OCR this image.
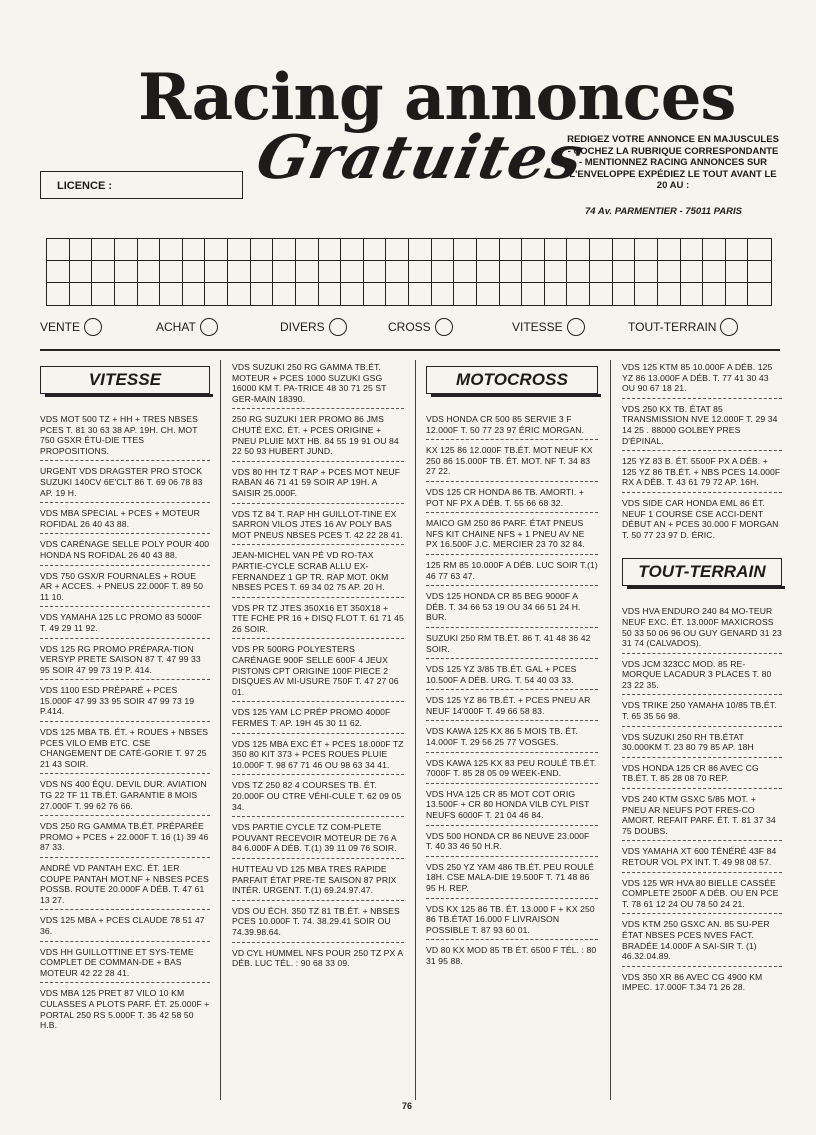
Racing annonces
Gratuites
REDIGEZ VOTRE ANNONCE EN MAJUSCULES - COCHEZ LA RUBRIQUE CORRESPONDANTE - MENTIONNEZ RACING ANNONCES SUR L'ENVELOPPE EXPÉDIEZ LE TOUT AVANT LE 20 AU :
74 Av. PARMENTIER - 75011 PARIS
LICENCE :
VENTE	ACHAT	DIVERS	CROSS	VITESSE	TOUT-TERRAIN
VITESSE
VDS MOT 500 TZ + HH + TRES NBSES PCES T. 81 30 63 38 AP. 19H. CH. MOT 750 GSXR ÉTU-DIE TTES PROPOSITIONS.
URGENT VDS DRAGSTER PRO STOCK SUZUKI 140CV 6E'CLT 86 T. 69 06 78 83 AP. 19 H.
VDS MBA SPECIAL + PCES + MOTEUR ROFIDAL 26 40 43 88.
VDS CARÉNAGE SELLE POLY POUR 400 HONDA NS ROFIDAL 26 40 43 88.
VDS 750 GSX/R FOURNALES + ROUE AR + ACCES. + PNEUS 22.000F T. 89 50 11 10.
VDS YAMAHA 125 LC PROMO 83 5000F T. 49 29 11 92.
VDS 125 RG PROMO PRÉPARA-TION VERSYP PRETE SAISON 87 T. 47 99 33 95 SOIR 47 99 73 19 P. 414.
VDS 1100 ESD PRÉPARÉ + PCES 15.000F 47 99 33 95 SOIR 47 99 73 19 P.414.
VDS 125 MBA TB. ÉT. + ROUES + NBSES PCES VILO EMB ETC. CSE CHANGEMENT DE CATÉ-GORIE T. 97 25 21 43 SOIR.
VDS NS 400 ÉQU. DEVIL DUR. AVIATION TG 22 TF 11 TB.ÉT. GARANTIE 8 MOIS 27.000F T. 99 62 76 66.
VDS 250 RG GAMMA TB.ÉT. PRÉPARÉE PROMO + PCES + 22.000F T. 16 (1) 39 46 87 33.
ANDRÉ VD PANTAH EXC. ÉT. 1ER COUPE PANTAH MOT.NF + NBSES PCES POSSB. ROUTE 20.000F A DÉB. T. 47 61 13 27.
VDS 125 MBA + PCES CLAUDE 78 51 47 36.
VDS HH GUILLOTTINE ET SYS-TEME COMPLET DE COMMAN-DE + BAS MOTEUR 42 22 28 41.
VDS MBA 125 PRET 87 VILO 10 KM CULASSES A PLOTS PARF. ÉT. 25.000F + PORTAL 250 RS 5.000F T. 35 42 58 50 H.B.
VDS SUZUKI 250 RG GAMMA TB.ÉT. MOTEUR + PCES 1000 SUZUKI GSG 16000 KM T. PA-TRICE 48 30 71 25 ST GER-MAIN 18390.
250 RG SUZUKI 1ER PROMO 86 JMS CHUTÉ EXC. ÉT. + PCES ORIGINE + PNEU PLUIE MXT HB. 84 55 19 91 OU 84 22 50 93 HUBERT JUND.
VDS 80 HH TZ T RAP + PCES MOT NEUF RABAN 46 71 41 59 SOIR AP 19H. A SAISIR 25.000F.
VDS TZ 84 T. RAP HH GUILLOT-TINE EX SARRON VILOS JTES 16 AV POLY BAS MOT PNEUS NBSES PCES T. 42 22 28 41.
JEAN-MICHEL VAN PÉ VD RO-TAX PARTIE-CYCLE SCRAB ALLU EX-FERNANDEZ 1 GP TR. RAP MOT. 0KM NBSES PCES T. 69 34 02 75 AP. 20 H.
VDS PR TZ JTES 350X16 ET 350X18 + TTE FCHE PR 16 + DISQ FLOT T. 61 71 45 26 SOIR.
VDS PR 500RG POLYESTERS CARÉNAGE 900F SELLE 600F 4 JEUX PISTONS CPT ORIGINE 100F PIECE 2 DISQUES AV MI-USURE 750F T. 47 27 06 01.
VDS 125 YAM LC PRÉP PROMO 4000F FERMES T. AP. 19H 45 30 11 62.
VDS 125 MBA EXC ÉT + PCES 18.000F TZ 350 80 KIT 373 + PCES ROUES PLUIE 10.000F T. 98 67 71 46 OU 98 63 34 41.
VDS TZ 250 82 4 COURSES TB. ÉT. 20.000F OU CTRE VÉHI-CULE T. 62 09 05 34.
VDS PARTIE CYCLE TZ COM-PLETE POUVANT RECEVOIR MOTEUR DE 76 A 84 6.000F A DÉB. T.(1) 39 11 09 76 SOIR.
HUTTEAU VD 125 MBA TRES RAPIDE PARFAIT ÉTAT PRE-TE SAISON 87 PRIX INTÉR. URGENT. T.(1) 69.24.97.47.
VDS OU ÉCH. 350 TZ 81 TB.ÉT. + NBSES PCES 10.000F T. 74. 38.29.41 SOIR OU 74.39.98.64.
VD CYL HUMMEL NFS POUR 250 TZ PX A DÉB. LUC TÉL. : 90 68 33 09.
MOTOCROSS
VDS HONDA CR 500 85 SERVIE 3 F 12.000F T. 50 77 23 97 ÉRIC MORGAN.
KX 125 86 12.000F TB.ÉT. MOT NEUF KX 250 86 15.000F TB. ÉT. MOT. NF T. 34 83 27 22.
VDS 125 CR HONDA 86 TB. AMORTI. + POT NF PX A DÉB. T. 55 66 68 32.
MAICO GM 250 86 PARF. ÉTAT PNEUS NFS KIT CHAINE NFS + 1 PNEU AV NE PX 16.500F J.C. MERCIER 23 70 32 84.
125 RM 85 10.000F A DÉB. LUC SOIR T.(1) 46 77 63 47.
VDS 125 HONDA CR 85 BEG 9000F A DÉB. T. 34 66 53 19 OU 34 66 51 24 H. BUR.
SUZUKI 250 RM TB.ÉT. 86 T. 41 48 36 42 SOIR.
VDS 125 YZ 3/85 TB.ÉT. GAL + PCES 10.500F A DÉB. URG. T. 54 40 03 33.
VDS 125 YZ 86 TB.ÉT. + PCES PNEU AR NEUF 14'000F T. 49 66 58 83.
VDS KAWA 125 KX 86 5 MOIS TB. ÉT. 14.000F T. 29 56 25 77 VOSGES.
VDS KAWA 125 KX 83 PEU ROULÉ TB.ÉT. 7000F T. 85 28 05 09 WEEK-END.
VDS HVA 125 CR 85 MOT COT ORIG 13.500F + CR 80 HONDA VILB CYL PIST NEUFS 6000F T. 21 04 46 84.
VDS 500 HONDA CR 86 NEUVE 23.000F T. 40 33 46 50 H.R.
VDS 250 YZ YAM 486 TB.ÉT. PEU ROULÉ 18H. CSE MALA-DIE 19.500F T. 71 48 86 95 H. REP.
VDS KX 125 86 TB. ÉT. 13.000 F + KX 250 86 TB.ÉTAT 16.000 F LIVRAISON POSSIBLE T. 87 93 60 01.
VD 80 KX MOD 85 TB ÉT. 6500 F TÉL. : 80 31 95 88.
VDS 125 KTM 85 10.000F A DÉB. 125 YZ 86 13.000F A DÉB. T. 77 41 30 43 OU 90 67 18 21.
VDS 250 KX TB. ÉTAT 85 TRANSMISSION NVE 12.000F T. 29 34 14 25 . 88000 GOLBEY PRES D'ÉPINAL.
125 YZ 83 B. ÉT. 5500F PX A DÉB. + 125 YZ 86 TB.ÉT. + NBS PCES 14.000F RX A DÉB. T. 43 61 79 72 AP. 16H.
VDS SIDE CAR HONDA EML 86 ÉT. NEUF 1 COURSE CSE ACCI-DENT DÉBUT AN + PCES 30.000 F MORGAN T. 50 77 23 97 D. ÉRIC.
TOUT-TERRAIN
VDS HVA ENDURO 240 84 MO-TEUR NEUF EXC. ÉT. 13.000F MAXICROSS 50 33 50 06 96 OU GUY GENARD 31 23 31 74 (CALVADOS).
VDS JCM 323CC MOD. 85 RE-MORQUE LACADUR 3 PLACES T. 80 23 22 35.
VDS TRIKE 250 YAMAHA 10/85 TB.ÉT. T. 65 35 56 98.
VDS SUZUKI 250 RH TB.ÉTAT 30.000KM T. 23 80 79 85 AP. 18H
VDS HONDA 125 CR 86 AVEC CG TB.ÉT. T. 85 28 08 70 REP.
VDS 240 KTM GSXC 5/85 MOT. + PNEU AR NEUFS POT FRES-CO AMORT. REFAIT PARF. ÉT. T. 81 37 34 75 DOUBS.
VDS YAMAHA XT 600 TÉNÉRÉ 43F 84 RETOUR VOL PX INT. T. 49 98 08 57.
VDS 125 WR HVA 80 BIELLE CASSÉE COMPLETE 2500F A DÉB. OU EN PCE T. 78 61 12 24 OU 78 50 24 21.
VDS KTM 250 GSXC AN. 85 SU-PER ÉTAT NBSES PCES NVES FACT. BRADÉE 14.000F A SAI-SIR T. (1) 46.32.04.89.
VDS 350 XR 86 AVEC CG 4900 KM IMPEC. 17.000F T.34 71 26 28.
76
